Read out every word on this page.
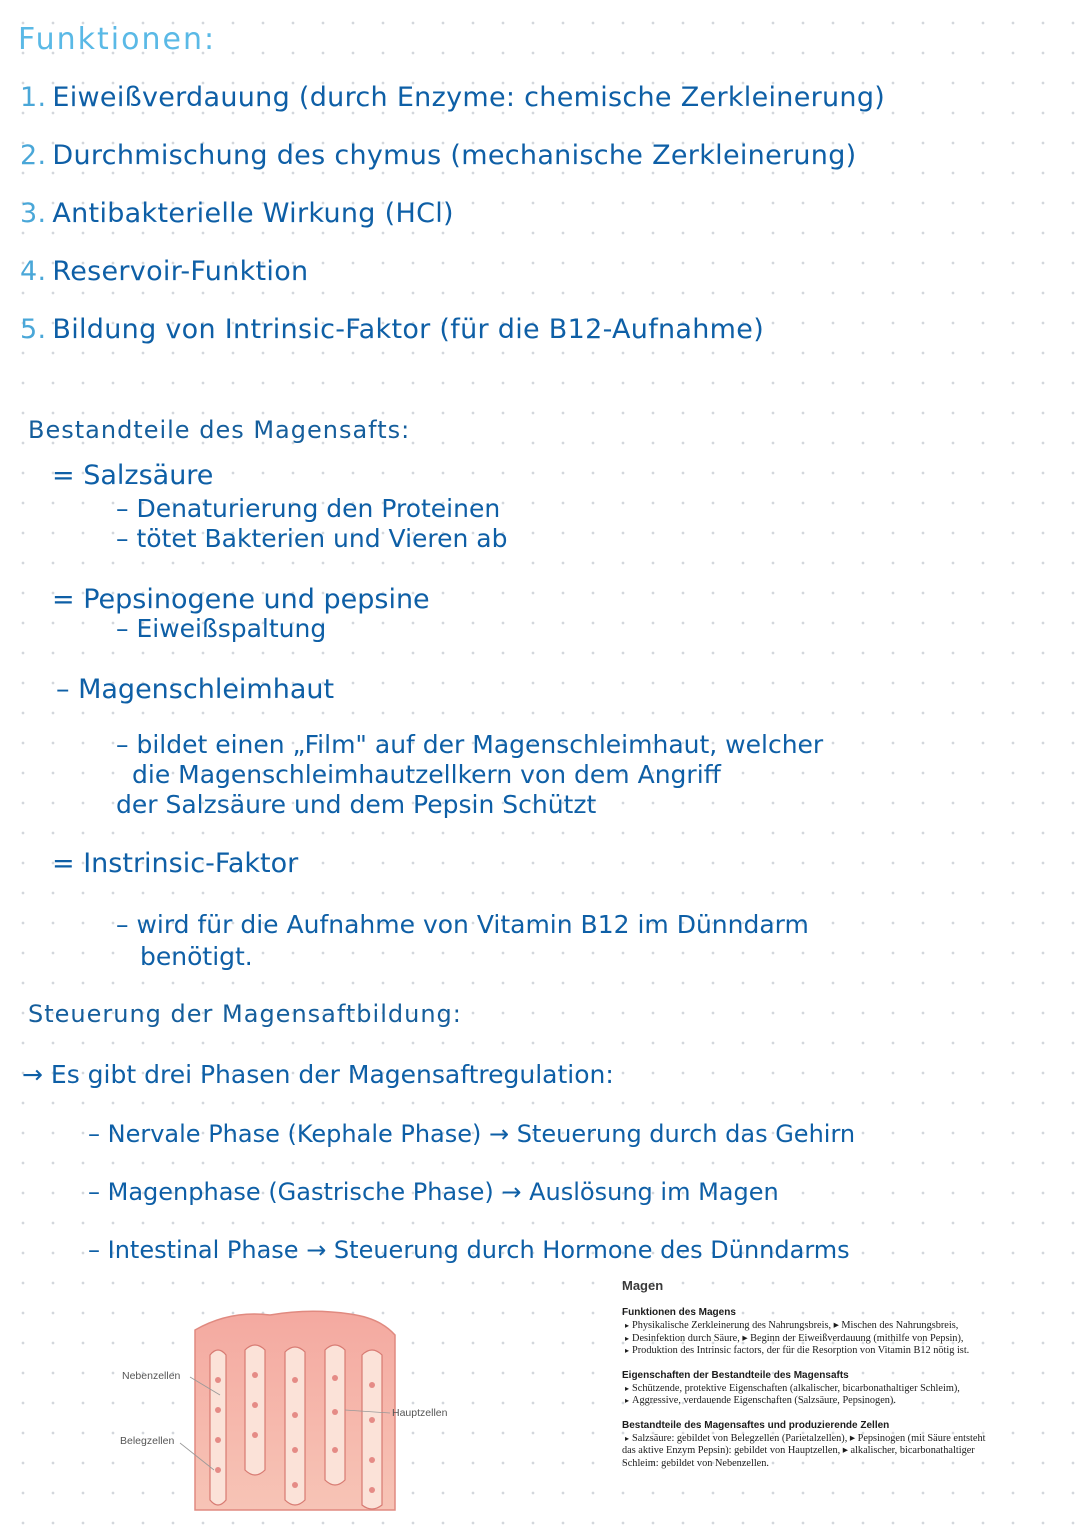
Funktionen:
1. Eiweißverdauung (durch Enzyme: chemische Zerkleinerung)
2. Durchmischung des chymus (mechanische Zerkleinerung)
3. Antibakterielle Wirkung (HCl)
4. Reservoir-Funktion
5. Bildung von Intrinsic-Faktor (für die B12-Aufnahme)
Bestandteile des Magensafts:
= Salzsäure
– Denaturierung den Proteinen
– tötet Bakterien und Vieren ab
= Pepsinogene und pepsine
– Eiweißspaltung
– Magenschleimhaut
– bildet einen „Film" auf der Magenschleimhaut, welcher
die Magenschleimhautzellkern von dem Angriff
der Salzsäure und dem Pepsin Schützt
= Instrinsic-Faktor
– wird für die Aufnahme von Vitamin B12 im Dünndarm
benötigt.
Steuerung der Magensaftbildung:
→ Es gibt drei Phasen der Magensaftregulation:
– Nervale Phase (Kephale Phase) → Steuerung durch das Gehirn
– Magenphase (Gastrische Phase) → Auslösung im Magen
– Intestinal Phase → Steuerung durch Hormone des Dünndarms
Nebenzellen
Belegzellen
Hauptzellen
Magen
Funktionen des Magens
▸ Physikalische Zerkleinerung des Nahrungsbreis, ▸ Mischen des Nahrungsbreis,
▸ Desinfektion durch Säure, ▸ Beginn der Eiweißverdauung (mithilfe von Pepsin),
▸ Produktion des Intrinsic factors, der für die Resorption von Vitamin B12 nötig ist.
Eigenschaften der Bestandteile des Magensafts
▸ Schützende, protektive Eigenschaften (alkalischer, bicarbonathaltiger Schleim),
▸ Aggressive, verdauende Eigenschaften (Salzsäure, Pepsinogen).
Bestandteile des Magensaftes und produzierende Zellen
▸ Salzsäure: gebildet von Belegzellen (Parietalzellen), ▸ Pepsinogen (mit Säure entsteht
das aktive Enzym Pepsin): gebildet von Hauptzellen, ▸ alkalischer, bicarbonathaltiger
Schleim: gebildet von Nebenzellen.
